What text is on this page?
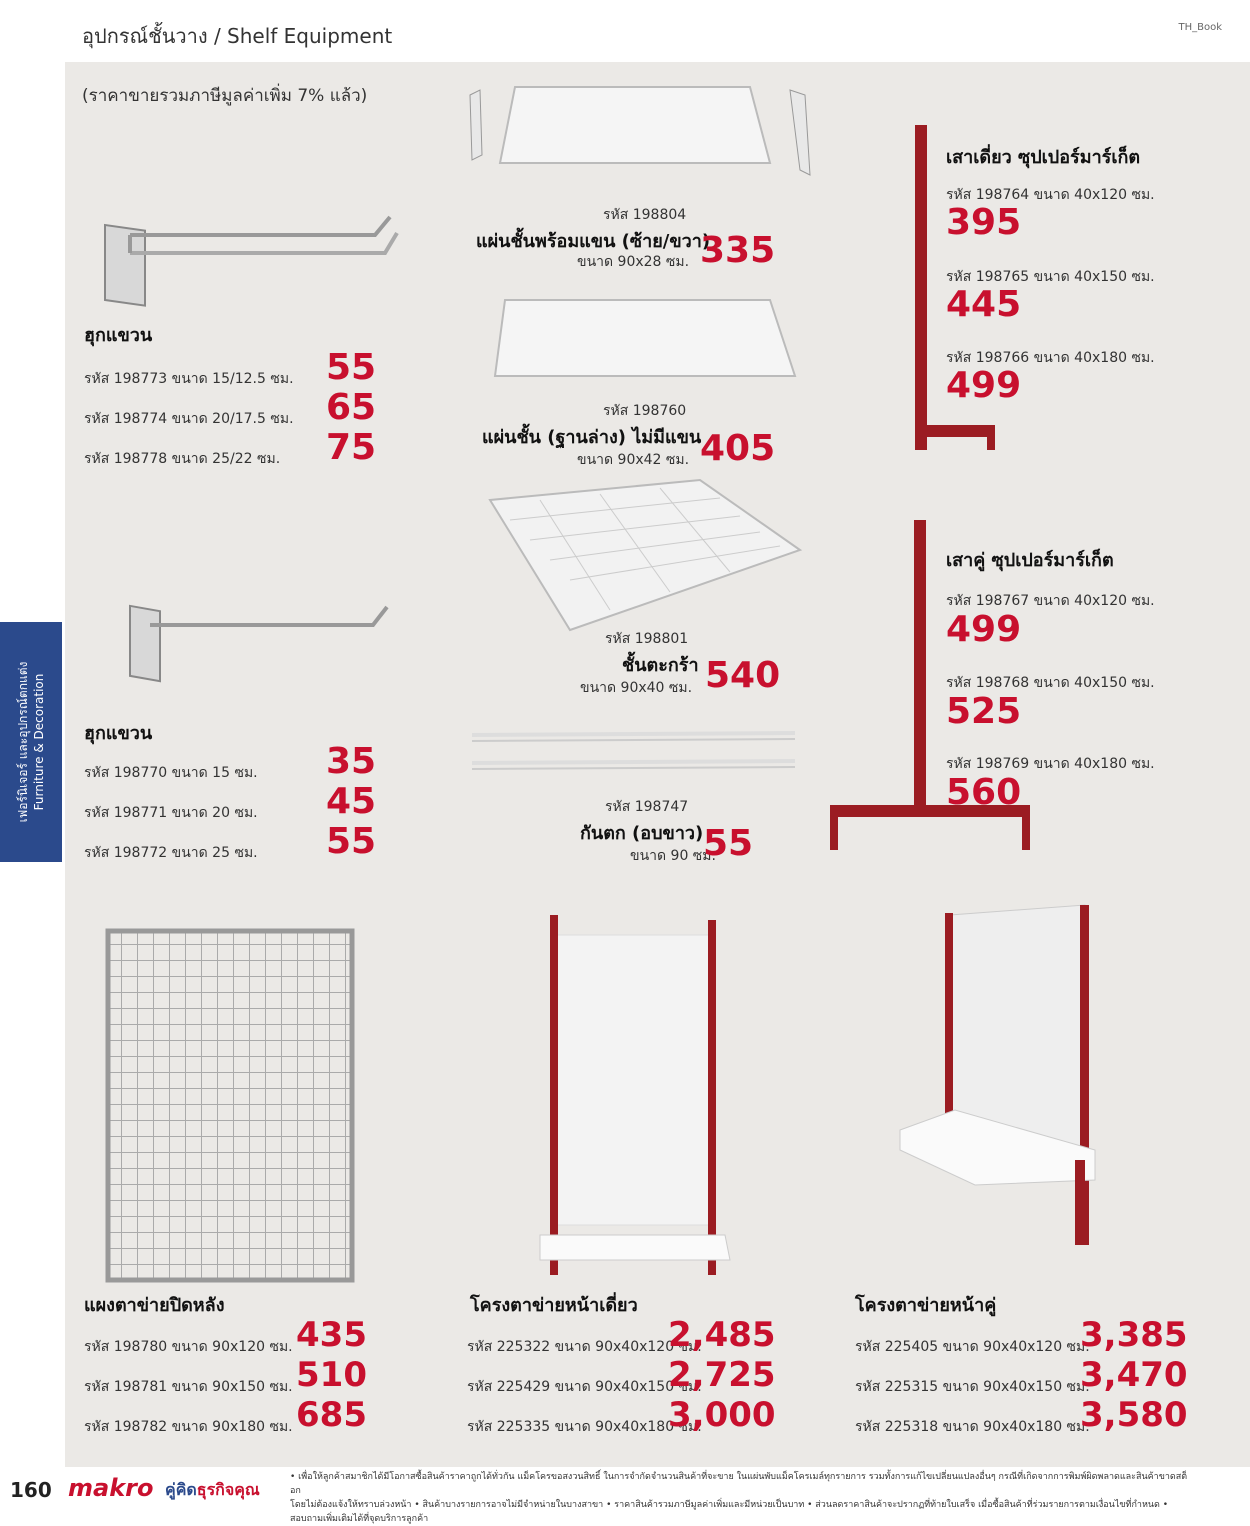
อุปกรณ์ชั้นวาง / Shelf Equipment	TH_Book
เฟอร์นิเจอร์ และอุปกรณ์ตกแต่ง Furniture & Decoration
(ราคาขายรวมภาษีมูลค่าเพิ่ม 7% แล้ว)
ฮุกแขวน
รหัส 198773 ขนาด 15/12.5 ซม. 55
รหัส 198774 ขนาด 20/17.5 ซม. 65
รหัส 198778 ขนาด 25/22 ซม. 75
ฮุกแขวน
รหัส 198770 ขนาด 15 ซม. 35
รหัส 198771 ขนาด 20 ซม. 45
รหัส 198772 ขนาด 25 ซม. 55
รหัส 198804
แผ่นชั้นพร้อมแขน (ซ้าย/ขวา)
ขนาด 90x28 ซม. 335
รหัส 198760
แผ่นชั้น (ฐานล่าง) ไม่มีแขน
ขนาด 90x42 ซม. 405
รหัส 198801
ชั้นตะกร้า
ขนาด 90x40 ซม. 540
รหัส 198747
กันตก (อบขาว)
ขนาด 90 ซม.
55
เสาเดี่ยว ซุปเปอร์มาร์เก็ต
รหัส 198764 ขนาด 40x120 ซม.
395
รหัส 198765 ขนาด 40x150 ซม.
445
รหัส 198766 ขนาด 40x180 ซม.
499
เสาคู่ ซุปเปอร์มาร์เก็ต
รหัส 198767 ขนาด 40x120 ซม.
499
รหัส 198768 ขนาด 40x150 ซม.
525
รหัส 198769 ขนาด 40x180 ซม.
560
แผงตาข่ายปิดหลัง
รหัส 198780 ขนาด 90x120 ซม. 435
รหัส 198781 ขนาด 90x150 ซม. 510
รหัส 198782 ขนาด 90x180 ซม. 685
โครงตาข่ายหน้าเดี่ยว
รหัส 225322 ขนาด 90x40x120 ซม.
2,485
รหัส 225429 ขนาด 90x40x150 ซม.
2,725
รหัส 225335 ขนาด 90x40x180 ซม.
3,000
โครงตาข่ายหน้าคู่
รหัส 225405 ขนาด 90x40x120 ซม.
3,385
รหัส 225315 ขนาด 90x40x150 ซม.
3,470
รหัส 225318 ขนาด 90x40x180 ซม.
3,580
160 makro คู่คิดธุรกิจคุณ
• เพื่อให้ลูกค้าสมาชิกได้มีโอกาสซื้อสินค้าราคาถูกได้ทั่วกัน แม็คโครขอสงวนสิทธิ์ ในการจำกัดจำนวนสินค้าที่จะขาย ในแผ่นพับแม็คโครเมล์ทุกรายการ รวมทั้งการแก้ไขเปลี่ยนแปลงอื่นๆ กรณีที่เกิดจากการพิมพ์ผิดพลาดและสินค้าขาดสต็อก
โดยไม่ต้องแจ้งให้ทราบล่วงหน้า • สินค้าบางรายการอาจไม่มีจำหน่ายในบางสาขา • ราคาสินค้ารวมภาษีมูลค่าเพิ่มและมีหน่วยเป็นบาท • ส่วนลดราคาสินค้าจะปรากฏที่ท้ายใบเสร็จ เมื่อซื้อสินค้าที่ร่วมรายการตามเงื่อนไขที่กำหนด • สอบถามเพิ่มเติมได้ที่จุดบริการลูกค้า
